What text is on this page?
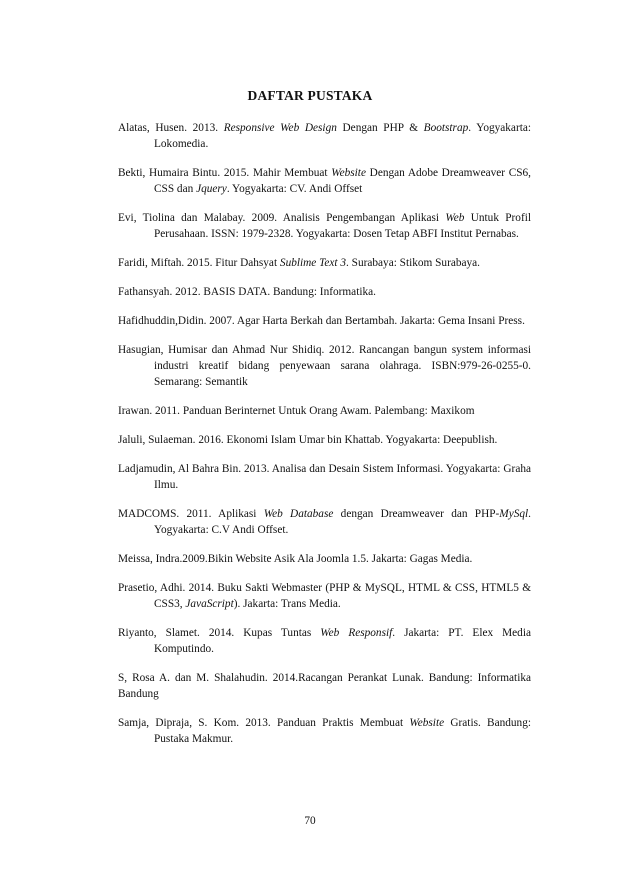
DAFTAR PUSTAKA

Alatas, Husen. 2013. Responsive Web Design Dengan PHP & Bootstrap. Yogyakarta: Lokomedia.

Bekti, Humaira Bintu. 2015. Mahir Membuat Website Dengan Adobe Dreamweaver CS6, CSS dan Jquery. Yogyakarta: CV. Andi Offset

Evi, Tiolina dan Malabay. 2009. Analisis Pengembangan Aplikasi Web Untuk Profil Perusahaan. ISSN: 1979-2328. Yogyakarta: Dosen Tetap ABFI Institut Pernabas.

Faridi, Miftah. 2015. Fitur Dahsyat Sublime Text 3. Surabaya: Stikom Surabaya.

Fathansyah. 2012. BASIS DATA. Bandung: Informatika.

Hafidhuddin,Didin. 2007. Agar Harta Berkah dan Bertambah. Jakarta: Gema Insani Press.

Hasugian, Humisar dan Ahmad Nur Shidiq. 2012. Rancangan bangun system informasi industri kreatif bidang penyewaan sarana olahraga. ISBN:979-26-0255-0. Semarang: Semantik

Irawan. 2011. Panduan Berinternet Untuk Orang Awam. Palembang: Maxikom

Jaluli, Sulaeman. 2016. Ekonomi Islam Umar bin Khattab. Yogyakarta: Deepublish.

Ladjamudin, Al Bahra Bin. 2013. Analisa dan Desain Sistem Informasi. Yogyakarta: Graha Ilmu.

MADCOMS. 2011. Aplikasi Web Database dengan Dreamweaver dan PHP-MySql. Yogyakarta: C.V Andi Offset.

Meissa, Indra.2009.Bikin Website Asik Ala Joomla 1.5. Jakarta: Gagas Media.

Prasetio, Adhi. 2014. Buku Sakti Webmaster (PHP & MySQL, HTML & CSS, HTML5 & CSS3, JavaScript). Jakarta: Trans Media.

Riyanto, Slamet. 2014. Kupas Tuntas Web Responsif. Jakarta: PT. Elex Media Komputindo.

S, Rosa A. dan M. Shalahudin. 2014.Racangan Perankat Lunak. Bandung: Informatika Bandung

Samja, Dipraja, S. Kom. 2013. Panduan Praktis Membuat Website Gratis. Bandung: Pustaka Makmur.

70
